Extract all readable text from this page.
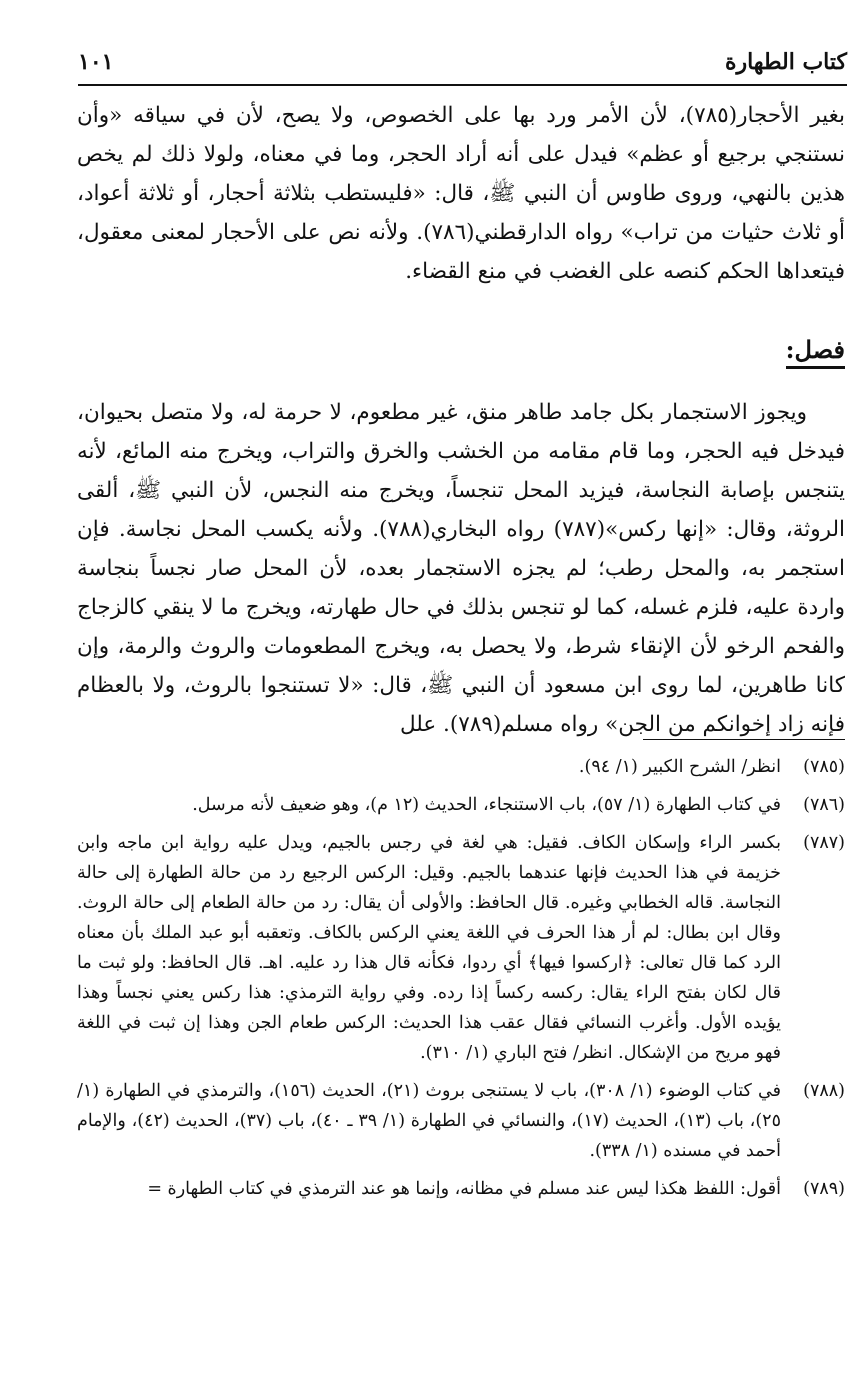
كتاب الطهارة
١٠١

بغير الأحجار(٧٨٥)، لأن الأمر ورد بها على الخصوص، ولا يصح، لأن في سياقه «وأن نستنجي برجيع أو عظم» فيدل على أنه أراد الحجر، وما في معناه، ولولا ذلك لم يخص هذين بالنهي، وروى طاوس أن النبي ﷺ، قال: «فليستطب بثلاثة أحجار، أو ثلاثة أعواد، أو ثلاث حثيات من تراب» رواه الدارقطني(٧٨٦). ولأنه نص على الأحجار لمعنى معقول، فيتعداها الحكم كنصه على الغضب في منع القضاء.

فصل:

ويجوز الاستجمار بكل جامد طاهر منق، غير مطعوم، لا حرمة له، ولا متصل بحيوان، فيدخل فيه الحجر، وما قام مقامه من الخشب والخرق والتراب، ويخرج منه المائع، لأنه يتنجس بإصابة النجاسة، فيزيد المحل تنجساً، ويخرج منه النجس، لأن النبي ﷺ، ألقى الروثة، وقال: «إنها ركس»(٧٨٧) رواه البخاري(٧٨٨). ولأنه يكسب المحل نجاسة. فإن استجمر به، والمحل رطب؛ لم يجزه الاستجمار بعده، لأن المحل صار نجساً بنجاسة واردة عليه، فلزم غسله، كما لو تنجس بذلك في حال طهارته، ويخرج ما لا ينقي كالزجاج والفحم الرخو لأن الإنقاء شرط، ولا يحصل به، ويخرج المطعومات والروث والرمة، وإن كانا طاهرين، لما روى ابن مسعود أن النبي ﷺ، قال: «لا تستنجوا بالروث، ولا بالعظام فإنه زاد إخوانكم من الجن» رواه مسلم(٧٨٩). علل

(٧٨٥)
انظر/ الشرح الكبير (١/ ٩٤).
(٧٨٦)
في كتاب الطهارة (١/ ٥٧)، باب الاستنجاء، الحديث (١٢ م)، وهو ضعيف لأنه مرسل.
(٧٨٧)
بكسر الراء وإسكان الكاف. فقيل: هي لغة في رجس بالجيم، ويدل عليه رواية ابن ماجه وابن خزيمة في هذا الحديث فإنها عندهما بالجيم. وقيل: الركس الرجيع رد من حالة الطهارة إلى حالة النجاسة. قاله الخطابي وغيره. قال الحافظ: والأولى أن يقال: رد من حالة الطعام إلى حالة الروث. وقال ابن بطال: لم أر هذا الحرف في اللغة يعني الركس بالكاف. وتعقبه أبو عبد الملك بأن معناه الرد كما قال تعالى: ﴿اركسوا فيها﴾ أي ردوا، فكأنه قال هذا رد عليه. اهـ. قال الحافظ: ولو ثبت ما قال لكان بفتح الراء يقال: ركسه ركساً إذا رده. وفي رواية الترمذي: هذا ركس يعني نجساً وهذا يؤيده الأول. وأغرب النسائي فقال عقب هذا الحديث: الركس طعام الجن وهذا إن ثبت في اللغة فهو مريح من الإشكال. انظر/ فتح الباري (١/ ٣١٠).
(٧٨٨)
في كتاب الوضوء (١/ ٣٠٨)، باب لا يستنجى بروث (٢١)، الحديث (١٥٦)، والترمذي في الطهارة (١/ ٢٥)، باب (١٣)، الحديث (١٧)، والنسائي في الطهارة (١/ ٣٩ ـ ٤٠)، باب (٣٧)، الحديث (٤٢)، والإمام أحمد في مسنده (١/ ٣٣٨).
(٧٨٩)
أقول: اللفظ هكذا ليس عند مسلم في مظانه، وإنما هو عند الترمذي في كتاب الطهارة =
